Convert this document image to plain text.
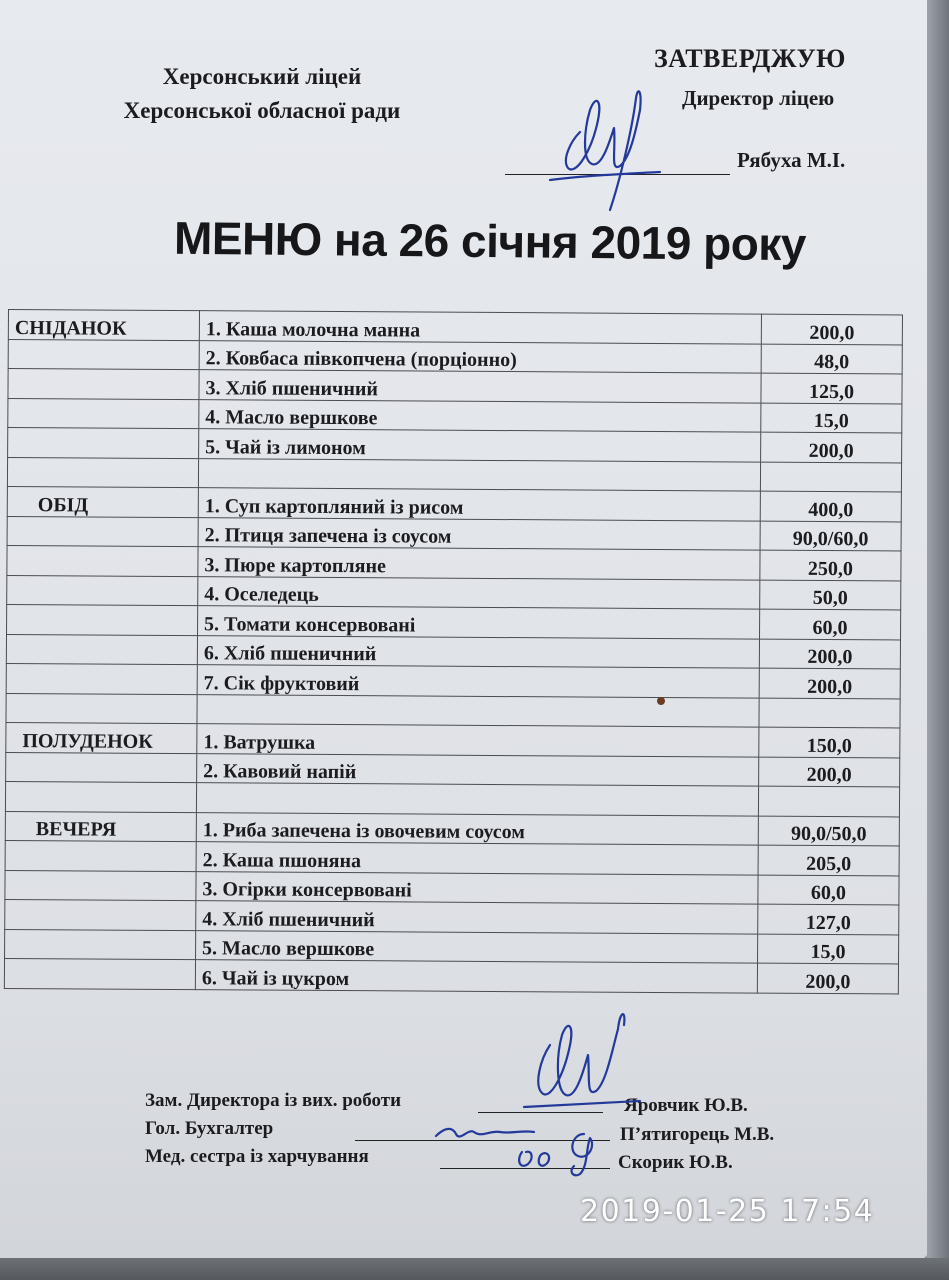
Херсонський ліцей
Херсонської обласної ради
ЗАТВЕРДЖУЮ
Директор ліцею
Рябуха М.І.
МЕНЮ на 26 січня 2019 року
СНІДАНОК	1. Каша молочна манна	200,0
	2. Ковбаса півкопчена (порціонно)	48,0
	3. Хліб пшеничний	125,0
	4. Масло вершкове	15,0
	5. Чай із лимоном	200,0

ОБІД	1. Суп картопляний із рисом	400,0
	2. Птиця запечена із соусом	90,0/60,0
	3. Пюре картопляне	250,0
	4. Оселедець	50,0
	5. Томати консервовані	60,0
	6. Хліб пшеничний	200,0
	7. Сік фруктовий	200,0

ПОЛУДЕНОК	1. Ватрушка	150,0
	2. Кавовий напій	200,0

ВЕЧЕРЯ	1. Риба запечена із овочевим соусом	90,0/50,0
	2. Каша пшоняна	205,0
	3. Огірки консервовані	60,0
	4. Хліб пшеничний	127,0
	5. Масло вершкове	15,0
	6. Чай із цукром	200,0
Зам. Директора із вих. роботи	Яровчик Ю.В.
Гол. Бухгалтер	П’ятигорець М.В.
Мед. сестра із харчування	Скорик Ю.В.
2019-01-25 17:54
